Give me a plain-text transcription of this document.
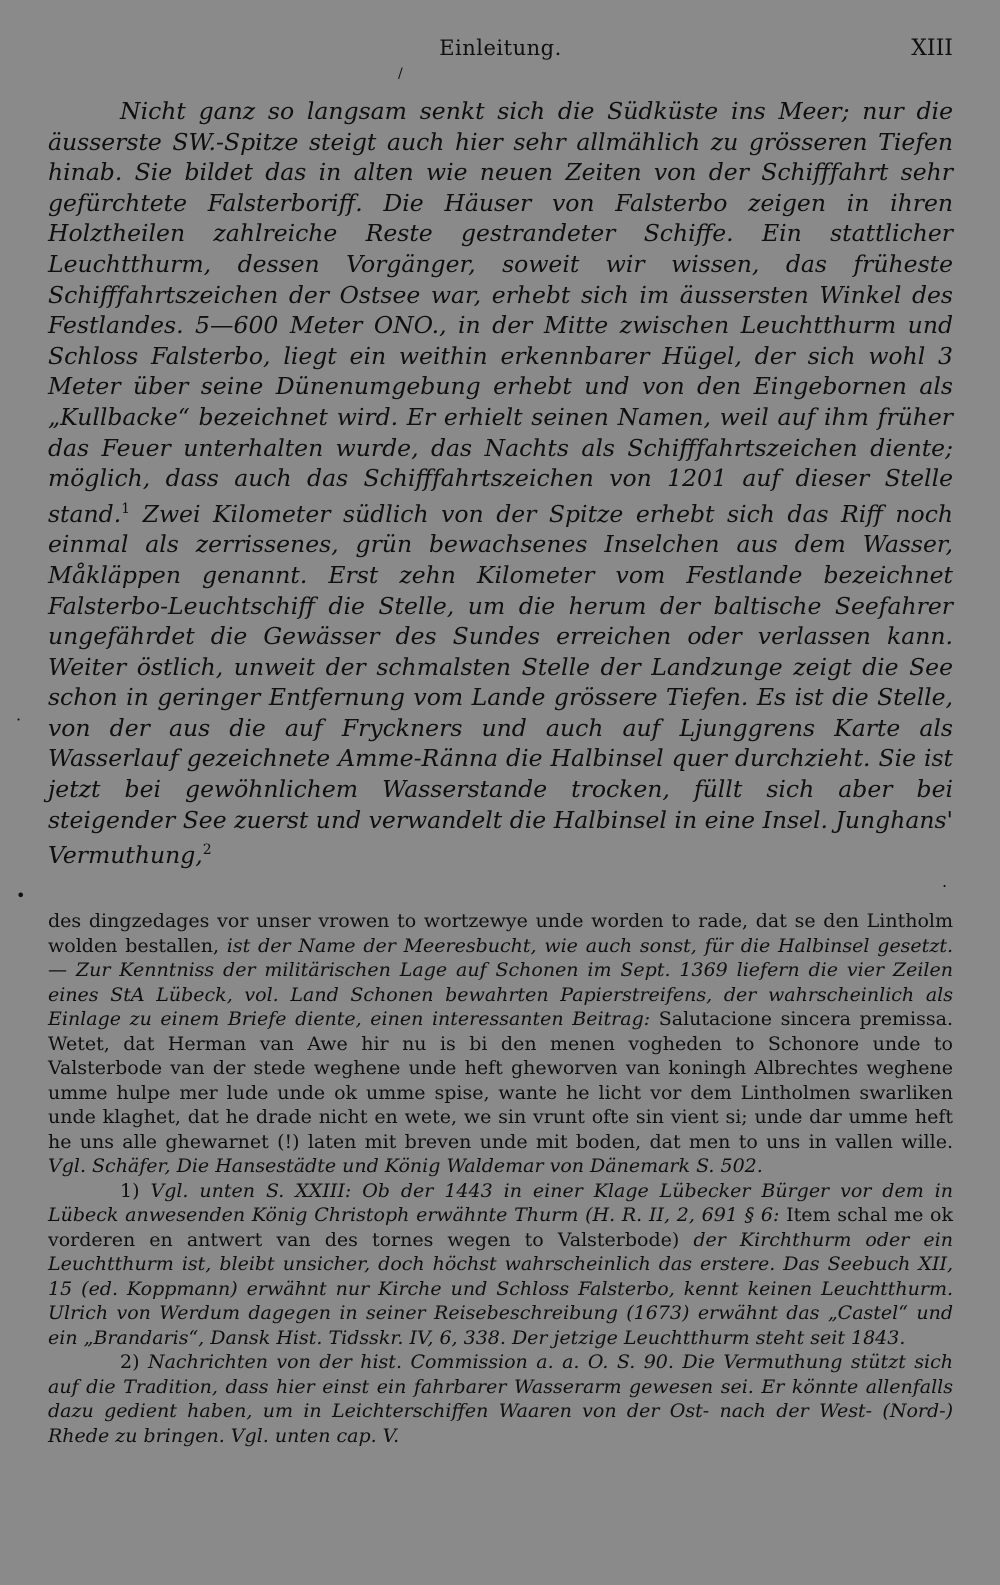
Einleitung.	XIII
/

Nicht ganz so langsam senkt sich die Südküste ins Meer; nur die äusserste SW.-Spitze steigt auch hier sehr allmählich zu grösseren Tiefen hinab. Sie bildet das in alten wie neuen Zeiten von der Schifffahrt sehr gefürchtete Falsterboriff. Die Häuser von Falsterbo zeigen in ihren Holztheilen zahlreiche Reste gestrandeter Schiffe. Ein stattlicher Leuchtthurm, dessen Vorgänger, soweit wir wissen, das früheste Schifffahrtszeichen der Ostsee war, erhebt sich im äussersten Winkel des Festlandes. 5—600 Meter ONO., in der Mitte zwischen Leuchtthurm und Schloss Falsterbo, liegt ein weithin erkennbarer Hügel, der sich wohl 3 Meter über seine Dünenumgebung erhebt und von den Eingebornen als „Kullbacke“ bezeichnet wird. Er erhielt seinen Namen, weil auf ihm früher das Feuer unterhalten wurde, das Nachts als Schifffahrtszeichen diente; möglich, dass auch das Schifffahrtszeichen von 1201 auf dieser Stelle stand.$^1$ Zwei Kilometer südlich von der Spitze erhebt sich das Riff noch einmal als zerrissenes, grün bewachsenes Inselchen aus dem Wasser, Måkläppen genannt. Erst zehn Kilometer vom Festlande bezeichnet Falsterbo-Leuchtschiff die Stelle, um die herum der baltische Seefahrer ungefährdet die Gewässer des Sundes erreichen oder verlassen kann. Weiter östlich, unweit der schmalsten Stelle der Landzunge zeigt die See schon in geringer Entfernung vom Lande grössere Tiefen. Es ist die Stelle, von der aus die auf Fryckners und auch auf Ljunggrens Karte als Wasserlauf gezeichnete Amme-Ränna die Halbinsel quer durchzieht. Sie ist jetzt bei gewöhnlichem Wasserstande trocken, füllt sich aber bei steigender See zuerst und verwandelt die Halbinsel in eine Insel. Junghans' Vermuthung,$^2$

·
•
.

des dingzedages vor unser vrowen to wortzewye unde worden to rade, dat se den Lintholm wolden bestallen, ist der Name der Meeresbucht, wie auch sonst, für die Halbinsel gesetzt. — Zur Kenntniss der militärischen Lage auf Schonen im Sept. 1369 liefern die vier Zeilen eines StA Lübeck, vol. Land Schonen bewahrten Papierstreifens, der wahrscheinlich als Einlage zu einem Briefe diente, einen interessanten Beitrag: Salutacione sincera premissa. Wetet, dat Herman van Awe hir nu is bi den menen vogheden to Schonore unde to Valsterbode van der stede weghene unde heft gheworven van koningh Albrechtes weghene umme hulpe mer lude unde ok umme spise, wante he licht vor dem Lintholmen swarliken unde klaghet, dat he drade nicht en wete, we sin vrunt ofte sin vient si; unde dar umme heft he uns alle ghewarnet (!) laten mit breven unde mit boden, dat men to uns in vallen wille. Vgl. Schäfer, Die Hansestädte und König Waldemar von Dänemark S. 502.

1) Vgl. unten S. XXIII: Ob der 1443 in einer Klage Lübecker Bürger vor dem in Lübeck anwesenden König Christoph erwähnte Thurm (H. R. II, 2, 691 § 6: Item schal me ok vorderen en antwert van des tornes wegen to Valsterbode) der Kirchthurm oder ein Leuchtthurm ist, bleibt unsicher, doch höchst wahrscheinlich das erstere. Das Seebuch XII, 15 (ed. Koppmann) erwähnt nur Kirche und Schloss Falsterbo, kennt keinen Leuchtthurm. Ulrich von Werdum dagegen in seiner Reisebeschreibung (1673) erwähnt das „Castel“ und ein „Brandaris“, Dansk Hist. Tidsskr. IV, 6, 338. Der jetzige Leuchtthurm steht seit 1843.

2) Nachrichten von der hist. Commission a. a. O. S. 90. Die Vermuthung stützt sich auf die Tradition, dass hier einst ein fahrbarer Wasserarm gewesen sei. Er könnte allenfalls dazu gedient haben, um in Leichterschiffen Waaren von der Ost- nach der West- (Nord-) Rhede zu bringen. Vgl. unten cap. V.
